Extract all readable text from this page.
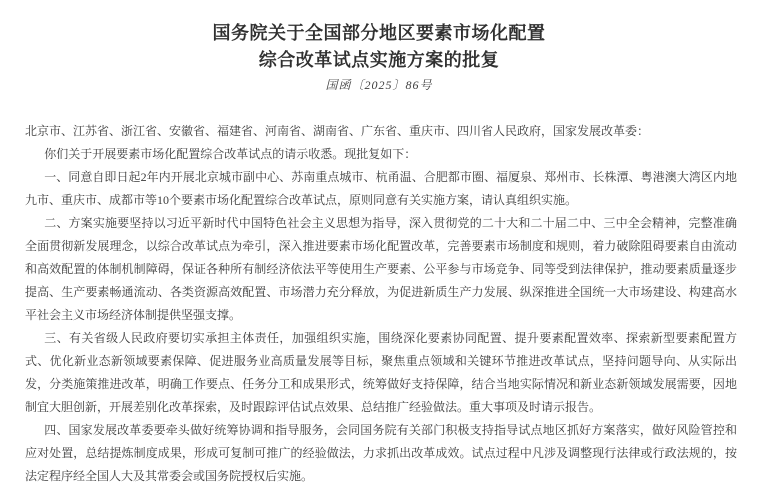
国务院关于全国部分地区要素市场化配置
综合改革试点实施方案的批复
国函〔2025〕86号

北京市、江苏省、浙江省、安徽省、福建省、河南省、湖南省、广东省、重庆市、四川省人民政府，国家发展改革委：

你们关于开展要素市场化配置综合改革试点的请示收悉。现批复如下：

一、同意自即日起2年内开展北京城市副中心、苏南重点城市、杭甬温、合肥都市圈、福厦泉、郑州市、长株潭、粤港澳大湾区内地九市、重庆市、成都市等10个要素市场化配置综合改革试点，原则同意有关实施方案，请认真组织实施。

二、方案实施要坚持以习近平新时代中国特色社会主义思想为指导，深入贯彻党的二十大和二十届二中、三中全会精神，完整准确全面贯彻新发展理念，以综合改革试点为牵引，深入推进要素市场化配置改革，完善要素市场制度和规则，着力破除阻碍要素自由流动和高效配置的体制机制障碍，保证各种所有制经济依法平等使用生产要素、公平参与市场竞争、同等受到法律保护，推动要素质量逐步提高、生产要素畅通流动、各类资源高效配置、市场潜力充分释放，为促进新质生产力发展、纵深推进全国统一大市场建设、构建高水平社会主义市场经济体制提供坚强支撑。

三、有关省级人民政府要切实承担主体责任，加强组织实施，围绕深化要素协同配置、提升要素配置效率、探索新型要素配置方式、优化新业态新领域要素保障、促进服务业高质量发展等目标，聚焦重点领域和关键环节推进改革试点，坚持问题导向、从实际出发，分类施策推进改革，明确工作要点、任务分工和成果形式，统筹做好支持保障，结合当地实际情况和新业态新领域发展需要，因地制宜大胆创新，开展差别化改革探索，及时跟踪评估试点效果、总结推广经验做法。重大事项及时请示报告。

四、国家发展改革委要牵头做好统筹协调和指导服务，会同国务院有关部门积极支持指导试点地区抓好方案落实，做好风险管控和应对处置，总结提炼制度成果，形成可复制可推广的经验做法，力求抓出改革成效。试点过程中凡涉及调整现行法律或行政法规的，按法定程序经全国人大及其常委会或国务院授权后实施。
